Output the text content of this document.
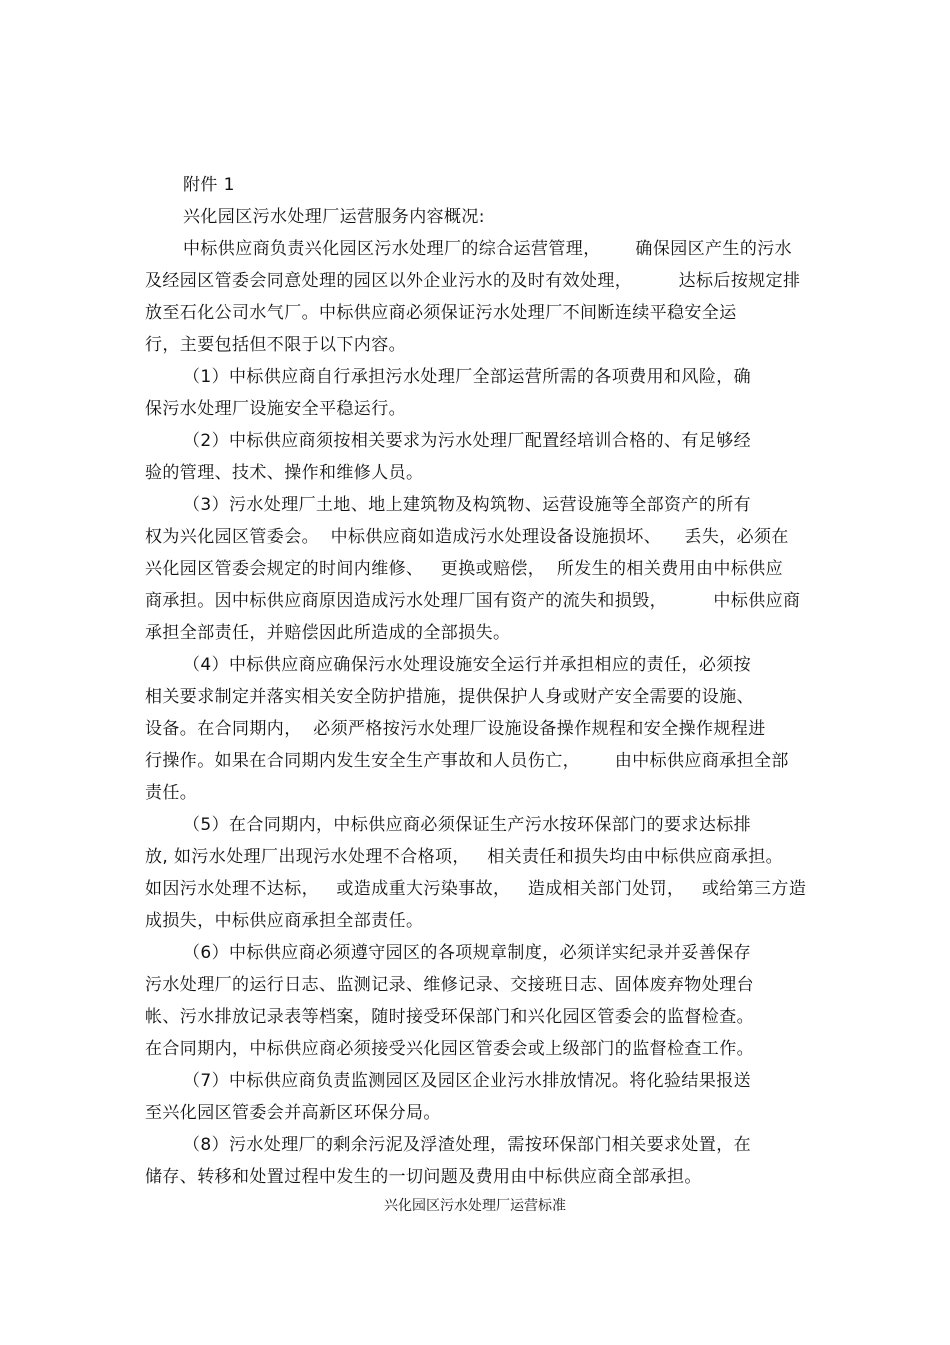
附件 1
兴化园区污水处理厂运营服务内容概况:
中标供应商负责兴化园区污水处理厂的综合运营管理，      确保园区产生的污水
及经园区管委会同意处理的园区以外企业污水的及时有效处理，        达标后按规定排
放至石化公司水气厂。中标供应商必须保证污水处理厂不间断连续平稳安全运
行，主要包括但不限于以下内容。
（1）中标供应商自行承担污水处理厂全部运营所需的各项费用和风险，确
保污水处理厂设施安全平稳运行。
（2）中标供应商须按相关要求为污水处理厂配置经培训合格的、有足够经
验的管理、技术、操作和维修人员。
（3）污水处理厂土地、地上建筑物及构筑物、运营设施等全部资产的所有
权为兴化园区管委会。  中标供应商如造成污水处理设备设施损坏、    丢失，必须在
兴化园区管委会规定的时间内维修、   更换或赔偿，  所发生的相关费用由中标供应
商承担。因中标供应商原因造成污水处理厂国有资产的流失和损毁，        中标供应商
承担全部责任，并赔偿因此所造成的全部损失。
（4）中标供应商应确保污水处理设施安全运行并承担相应的责任，必须按
相关要求制定并落实相关安全防护措施，提供保护人身或财产安全需要的设施、
设备。在合同期内，  必须严格按污水处理厂设施设备操作规程和安全操作规程进
行操作。如果在合同期内发生安全生产事故和人员伤亡，      由中标供应商承担全部
责任。
（5）在合同期内，中标供应商必须保证生产污水按环保部门的要求达标排
放, 如污水处理厂出现污水处理不合格项，   相关责任和损失均由中标供应商承担。
如因污水处理不达标，   或造成重大污染事故，   造成相关部门处罚，   或给第三方造
成损失，中标供应商承担全部责任。
（6）中标供应商必须遵守园区的各项规章制度，必须详实纪录并妥善保存
污水处理厂的运行日志、监测记录、维修记录、交接班日志、固体废弃物处理台
帐、污水排放记录表等档案，随时接受环保部门和兴化园区管委会的监督检查。
在合同期内，中标供应商必须接受兴化园区管委会或上级部门的监督检查工作。
（7）中标供应商负责监测园区及园区企业污水排放情况。将化验结果报送
至兴化园区管委会并高新区环保分局。
（8）污水处理厂的剩余污泥及浮渣处理，需按环保部门相关要求处置，在
储存、转移和处置过程中发生的一切问题及费用由中标供应商全部承担。
兴化园区污水处理厂运营标准
